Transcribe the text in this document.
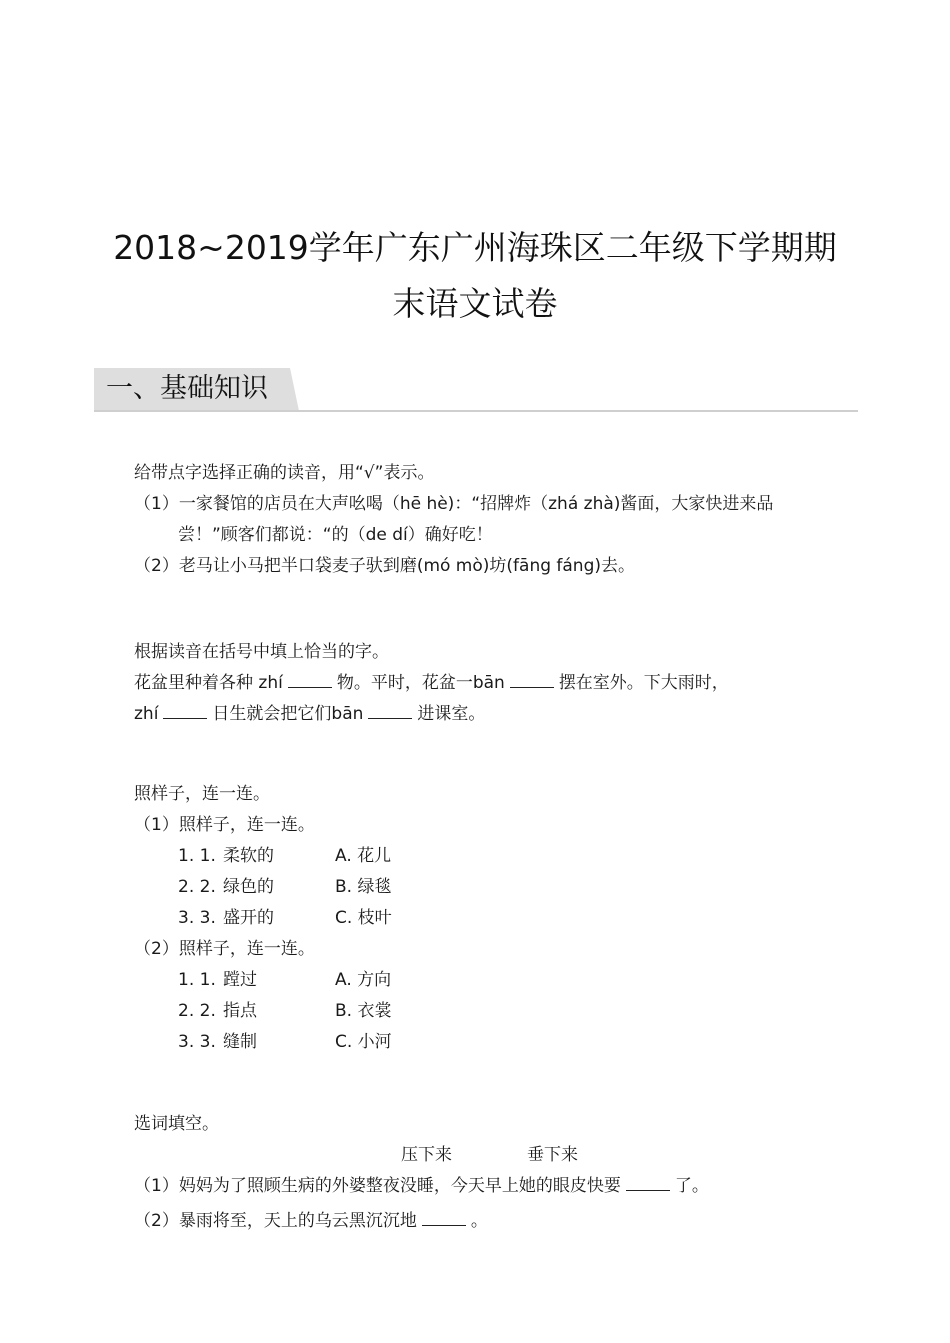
2018~2019学年广东广州海珠区二年级下学期期
末语文试卷
一、基础知识
给带点字选择正确的读音，用“√”表示。
（1）一家餐馆的店员在大声吆喝（hē hè)：“招牌炸（zhá zhà)酱面，大家快进来品
尝！”顾客们都说：“的（de dí）确好吃！
（2）老马让小马把半口袋麦子驮到磨(mó mò)坊(fāng fáng)去。
根据读音在括号中填上恰当的字。
花盆里种着各种 zhí	物。平时，花盆一bān	摆在室外。下大雨时，
zhí	日生就会把它们bān	进课室。
照样子，连一连。
（1）照样子，连一连。
1. 1. 柔软的	A. 花儿
2. 2. 绿色的	B. 绿毯
3. 3. 盛开的	C. 枝叶
（2）照样子，连一连。
1. 1.蹚过	A. 方向
2. 2. 指点	B. 衣裳
3. 3. 缝制	C. 小河
选词填空。
压下来	垂下来
（1）妈妈为了照顾生病的外婆整夜没睡，今天早上她的眼皮快要	了。
（2）暴雨将至，天上的乌云黑沉沉地	。
